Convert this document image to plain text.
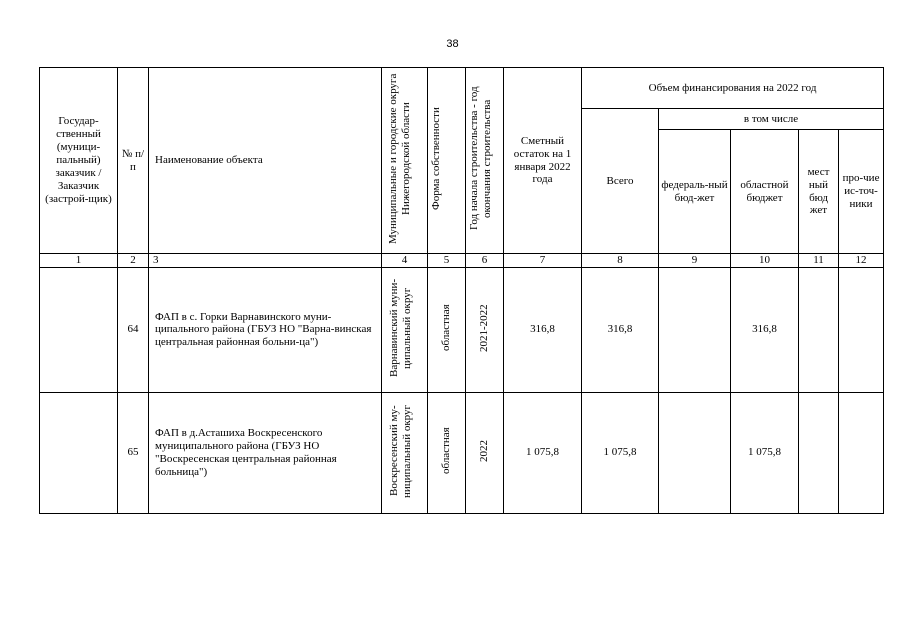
38
Государ-ственный (муници-пальный) заказчик / Заказчик (застрой-щик)	№ п/п	Наименование объекта	Муниципальные и городские округа Нижегородской области	Форма собственности	Год начала строительства - год окончания строительства	Сметный остаток на 1 января 2022 года	Объем финансирования на 2022 год				
							Всего	в том числе			
								федераль-ный бюд-жет	областной бюджет	мест ный бюд жет	про-чие ис-точ-ники
1	2	3	4	5	6	7	8	9	10	11	12
	64	ФАП в с. Горки Варнавинского муни-ципального района (ГБУЗ НО "Варна-винская центральная районная больни-ца")	Варнавинский муни-ципальный округ	областная	2021-2022	316,8	316,8		316,8		
	65	ФАП в д.Асташиха Воскресенского муниципального района (ГБУЗ НО "Воскресенская центральная районная больница")	Воскресенский му-ниципальный округ	областная	2022	1 075,8	1 075,8		1 075,8		
